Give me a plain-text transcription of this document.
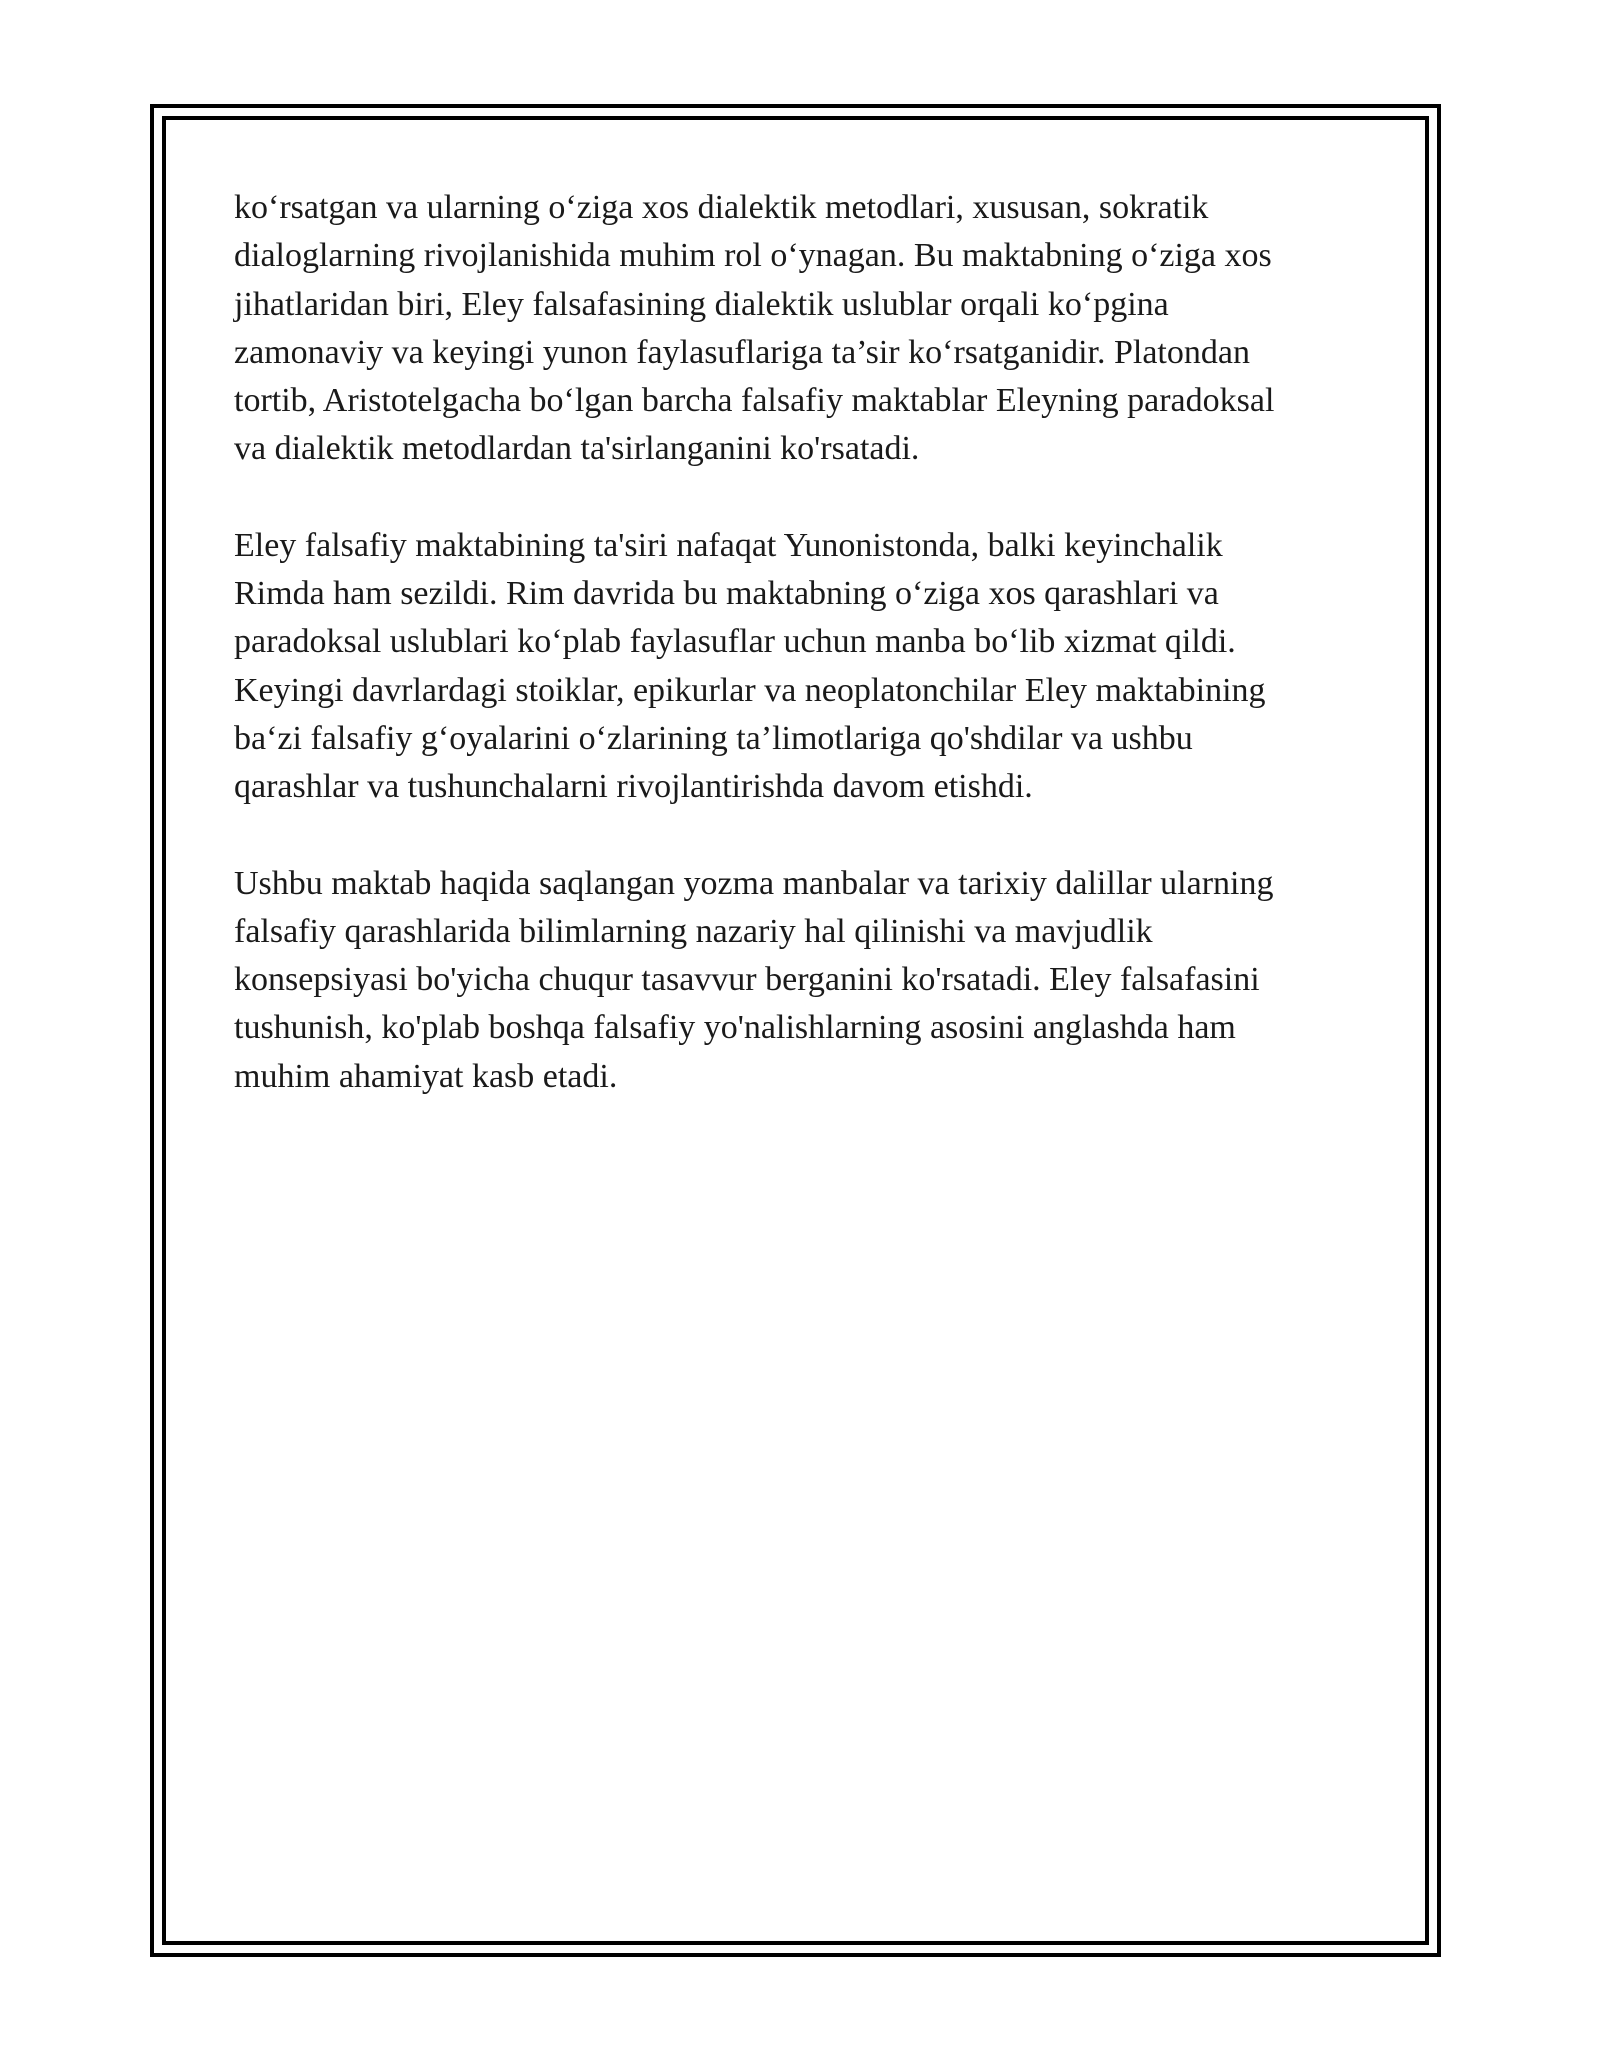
ko‘rsatgan va ularning o‘ziga xos dialektik metodlari, xususan, sokratik
dialoglarning rivojlanishida muhim rol o‘ynagan. Bu maktabning o‘ziga xos
jihatlaridan biri, Eley falsafasining dialektik uslublar orqali ko‘pgina
zamonaviy va keyingi yunon faylasuflariga ta’sir ko‘rsatganidir. Platondan
tortib, Aristotelgacha bo‘lgan barcha falsafiy maktablar Eleyning paradoksal
va dialektik metodlardan ta'sirlanganini ko'rsatadi.

Eley falsafiy maktabining ta'siri nafaqat Yunonistonda, balki keyinchalik
Rimda ham sezildi. Rim davrida bu maktabning o‘ziga xos qarashlari va
paradoksal uslublari ko‘plab faylasuflar uchun manba bo‘lib xizmat qildi.
Keyingi davrlardagi stoiklar, epikurlar va neoplatonchilar Eley maktabining
ba‘zi falsafiy g‘oyalarini o‘zlarining ta’limotlariga qo'shdilar va ushbu
qarashlar va tushunchalarni rivojlantirishda davom etishdi.

Ushbu maktab haqida saqlangan yozma manbalar va tarixiy dalillar ularning
falsafiy qarashlarida bilimlarning nazariy hal qilinishi va mavjudlik
konsepsiyasi bo'yicha chuqur tasavvur berganini ko'rsatadi. Eley falsafasini
tushunish, ko'plab boshqa falsafiy yo'nalishlarning asosini anglashda ham
muhim ahamiyat kasb etadi.
